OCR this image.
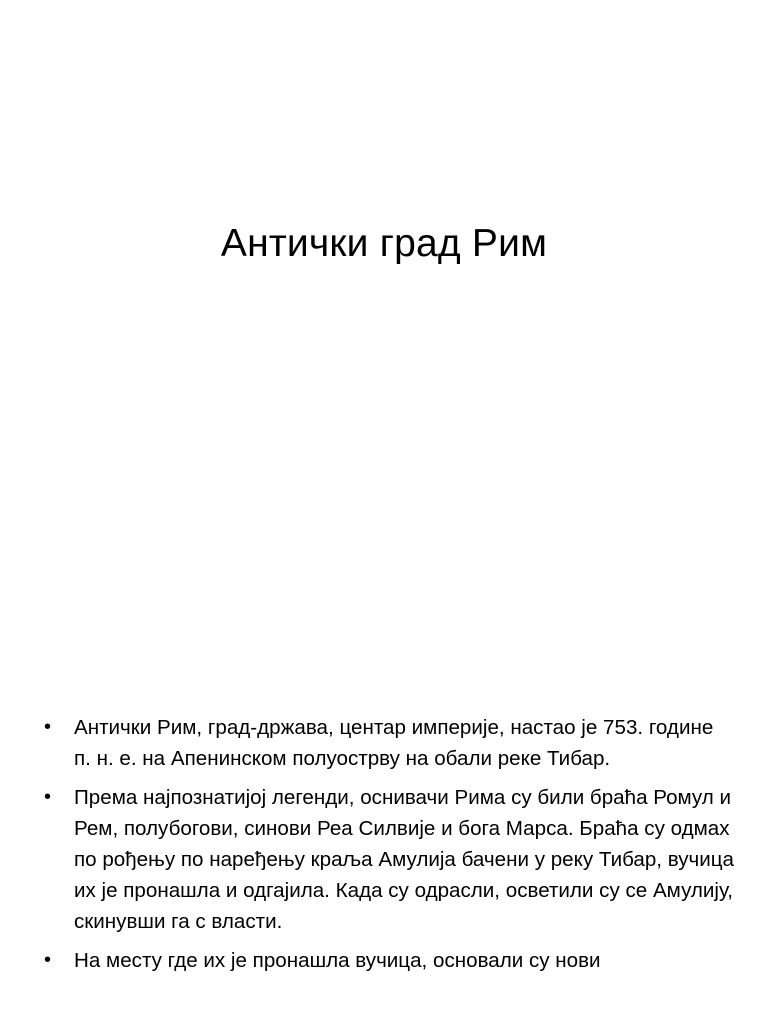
Антички град Рим
•	Антички Рим, град-држава, центар империје, настао је 753. године п. н. е. на Апенинском полуострву на обали реке Тибар.
•	Према најпознатијој легенди, оснивачи Рима су били браћа Ромул и Рем, полубогови, синови Реа Силвије и бога Марса. Браћа су одмах по рођењу по наређењу краља Амулија бачени у реку Тибар, вучица их је пронашла и одгајила. Када су одрасли, осветили су се Амулију, скинувши га с власти.
•	На месту где их је пронашла вучица, основали су нови
